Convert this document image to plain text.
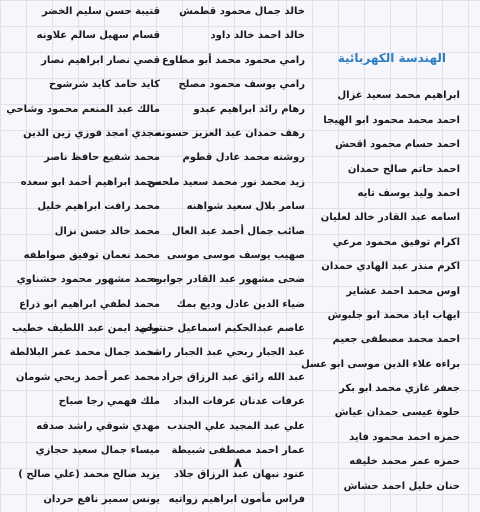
الهندسة الكهربائية
ابراهيم محمد سعيد غزال
احمد محمد محمود ابو الهيجا
احمد حسام محمود اقحش
احمد حاتم صالح حمدان
احمد وليد يوسف تايه
اسامه عبد القادر خالد لعليان
اكرام توفيق محمود مرعي
اكرم منذر عبد الهادي حمدان
اوس محمد احمد عشاير
ايهاب اياد محمد ابو جلبوش
احمد محمد مصطفى جعيم
براءه علاء الدين موسى ابو عسل
جعفر غازي محمد ابو بكر
حلوة عيسى حمدان عياش
حمزه احمد محمود فايد
حمزه عمر محمد خليفه
حنان خليل احمد حشاش
خالد جمال محمود قطمش
خالد احمد خالد داود
رامي محمود محمد أبو مطاوع
رامي يوسف محمود مصلح
رهام رائد ابراهيم عبدو
رهف حمدان عبد العزيز حسونه
روشنه محمد عادل قطوم
زيد محمد نور محمد سعيد ملحس
سامر بلال سعيد شواهنه
صائب جمال أحمد عبد العال
صهيب يوسف موسى موسى
ضحى مشهور عبد القادر جوابره
ضياء الدين عادل وديع بمك
عاصم عبدالحكيم اسماعيل حنتولي
عبد الجبار ربحي عبد الجبار راشد
عبد الله رائق عبد الرزاق جراد
عرفات عدنان عرفات البداد
علي عبد المجيد علي الجندب
عمار احمد مصطفى شبيطة
عنود نبهان عبد الرزاق جلاد
فراس مأمون ابراهيم زواتيه
قتيبة حسن سليم الخضر
قسام سهيل سالم علاونه
قصي نصار ابراهيم نصار
كايد حامد كايد شرشوح
مالك عبد المنعم محمود وشاحي
مجدي امجد فوزي زين الدين
محمد شفيع حافظ ناصر
محمد ابراهيم أحمد ابو سعده
محمد رافت ابراهيم خليل
محمد خالد حسن نزال
محمد نعمان توفيق صواطفه
محمد مشهور محمود حشناوي
محمد لطفي ابراهيم ابو ذراع
محمد ايمن عبد اللطيف خطيب
محمد جمال محمد عمر البلالطة
محمد عمر أحمد ربحي شومان
ملك فهمي رجا صباح
مهدي شوقي راشد صدقه
ميساء جمال سعيد حجازي
يزيد صالح محمد (علي صالح )
يونس سمير نافع حردان
٨
